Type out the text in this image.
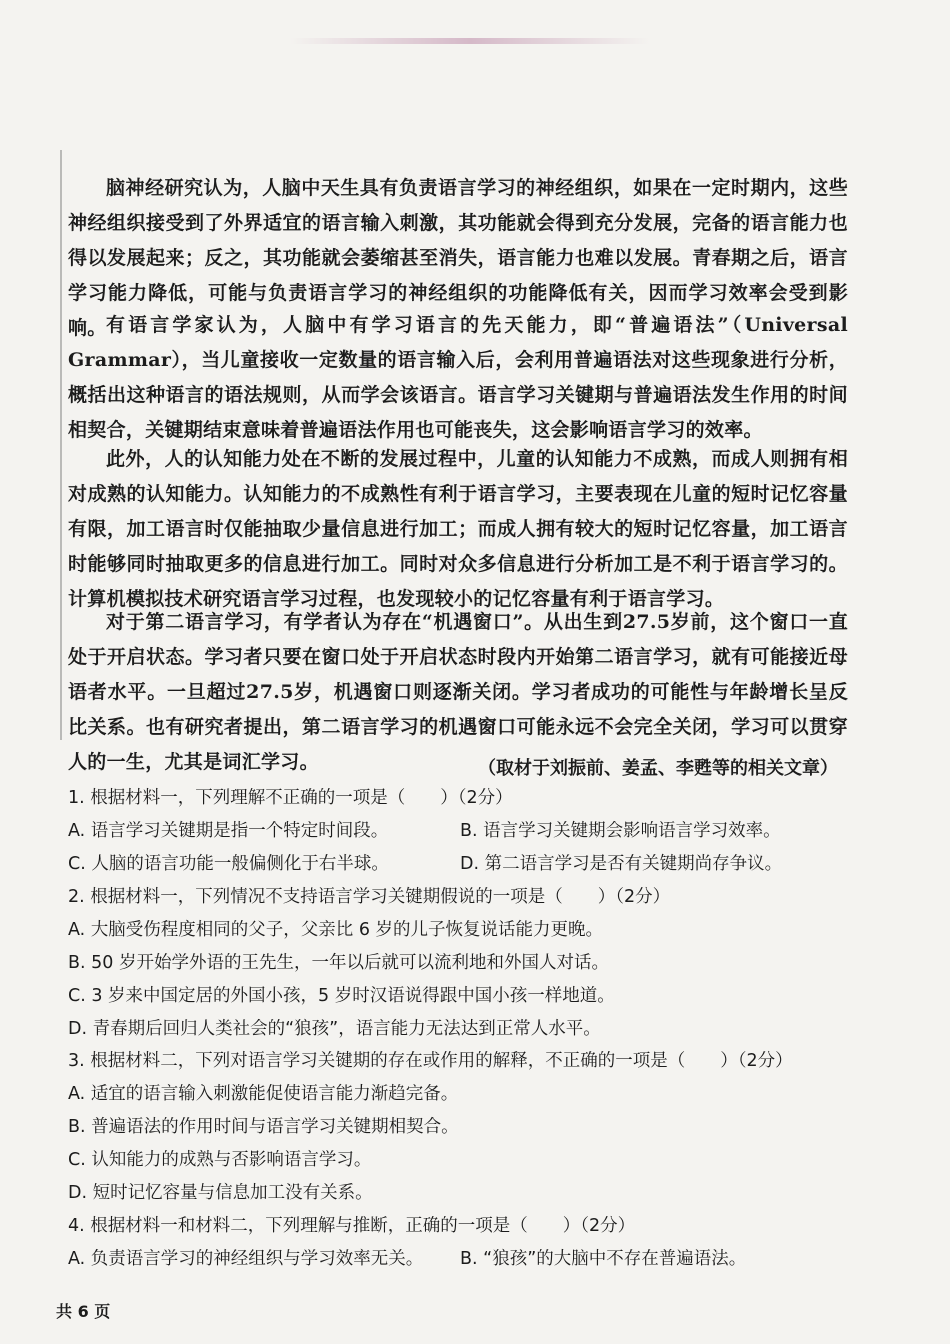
脑神经研究认为，人脑中天生具有负责语言学习的神经组织，如果在一定时期内，这些神经组织接受到了外界适宜的语言输入刺激，其功能就会得到充分发展，完备的语言能力也得以发展起来；反之，其功能就会萎缩甚至消失，语言能力也难以发展。青春期之后，语言学习能力降低，可能与负责语言学习的神经组织的功能降低有关，因而学习效率会受到影响。 有语言学家认为，人脑中有学习语言的先天能力，即“普遍语法”（Universal Grammar），当儿童接收一定数量的语言输入后，会利用普遍语法对这些现象进行分析，概括出这种语言的语法规则，从而学会该语言。语言学习关键期与普遍语法发生作用的时间相契合，关键期结束意味着普遍语法作用也可能丧失，这会影响语言学习的效率。

此外，人的认知能力处在不断的发展过程中，儿童的认知能力不成熟，而成人则拥有相对成熟的认知能力。认知能力的不成熟性有利于语言学习，主要表现在儿童的短时记忆容量有限，加工语言时仅能抽取少量信息进行加工；而成人拥有较大的短时记忆容量，加工语言时能够同时抽取更多的信息进行加工。同时对众多信息进行分析加工是不利于语言学习的。计算机模拟技术研究语言学习过程，也发现较小的记忆容量有利于语言学习。

对于第二语言学习，有学者认为存在“机遇窗口”。从出生到27.5岁前，这个窗口一直处于开启状态。学习者只要在窗口处于开启状态时段内开始第二语言学习，就有可能接近母语者水平。一旦超过27.5岁，机遇窗口则逐渐关闭。学习者成功的可能性与年龄增长呈反比关系。也有研究者提出，第二语言学习的机遇窗口可能永远不会完全关闭，学习可以贯穿人的一生，尤其是词汇学习。	（取材于刘振前、姜孟、李甦等的相关文章）
1. 根据材料一，下列理解不正确的一项是（　　）（2分）
A. 语言学习关键期是指一个特定时间段。	B. 语言学习关键期会影响语言学习效率。
C. 人脑的语言功能一般偏侧化于右半球。	D. 第二语言学习是否有关键期尚存争议。
2. 根据材料一，下列情况不支持语言学习关键期假说的一项是（　　）（2分）
A. 大脑受伤程度相同的父子，父亲比 6 岁的儿子恢复说话能力更晚。
B. 50 岁开始学外语的王先生，一年以后就可以流利地和外国人对话。
C. 3 岁来中国定居的外国小孩，5 岁时汉语说得跟中国小孩一样地道。
D. 青春期后回归人类社会的“狼孩”，语言能力无法达到正常人水平。
3. 根据材料二，下列对语言学习关键期的存在或作用的解释，不正确的一项是（　　）（2分）
A. 适宜的语言输入刺激能促使语言能力渐趋完备。
B. 普遍语法的作用时间与语言学习关键期相契合。
C. 认知能力的成熟与否影响语言学习。
D. 短时记忆容量与信息加工没有关系。
4. 根据材料一和材料二，下列理解与推断，正确的一项是（　　）（2分）
A. 负责语言学习的神经组织与学习效率无关。	B. “狼孩”的大脑中不存在普遍语法。
共 6 页
